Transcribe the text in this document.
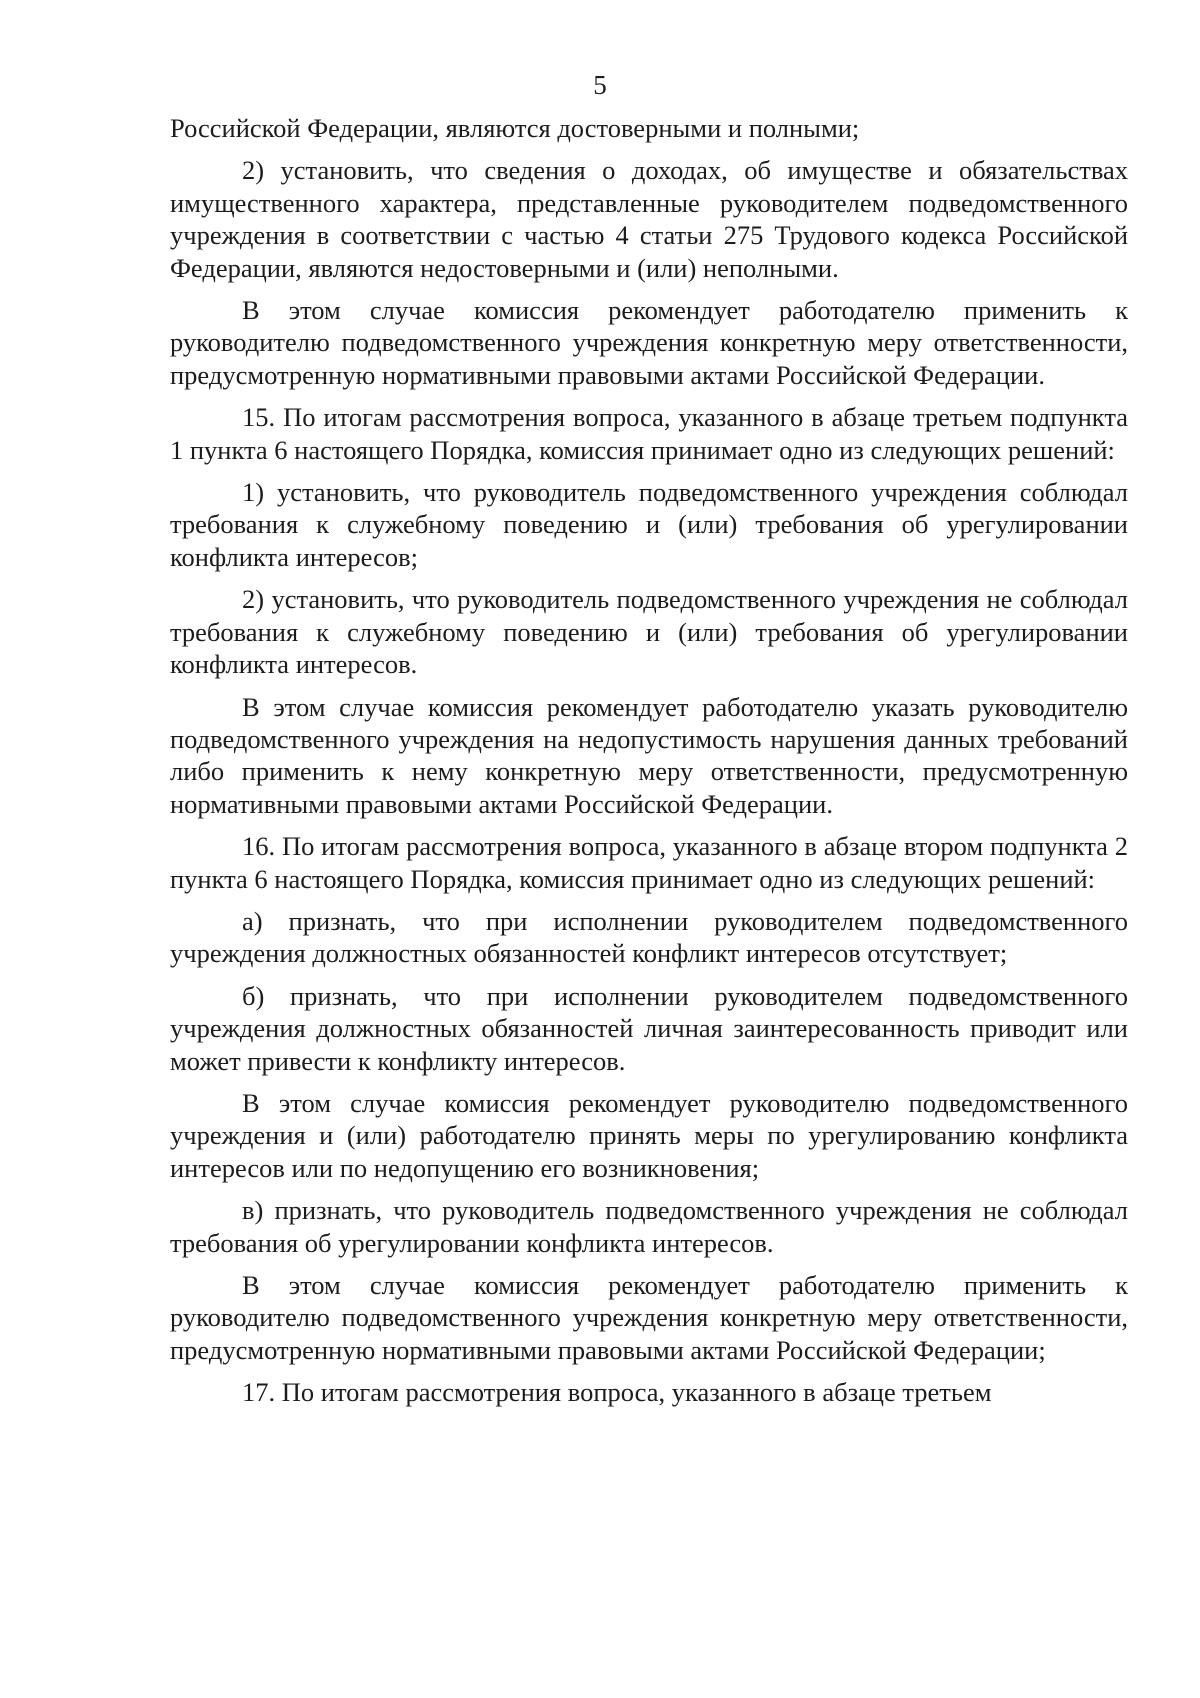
5

Российской Федерации, являются достоверными и полными;

2) установить, что сведения о доходах, об имуществе и обязательствах имущественного характера, представленные руководителем подведомственного учреждения в соответствии с частью 4 статьи 275 Трудового кодекса Российской Федерации, являются недостоверными и (или) неполными.

В этом случае комиссия рекомендует работодателю применить к руководителю подведомственного учреждения конкретную меру ответственности, предусмотренную нормативными правовыми актами Российской Федерации.

15. По итогам рассмотрения вопроса, указанного в абзаце третьем подпункта 1 пункта 6 настоящего Порядка, комиссия принимает одно из следующих решений:

1) установить, что руководитель подведомственного учреждения соблюдал требования к служебному поведению и (или) требования об урегулировании конфликта интересов;

2) установить, что руководитель подведомственного учреждения не соблюдал требования к служебному поведению и (или) требования об урегулировании конфликта интересов.

В этом случае комиссия рекомендует работодателю указать руководителю подведомственного учреждения на недопустимость нарушения данных требований либо применить к нему конкретную меру ответственности, предусмотренную нормативными правовыми актами Российской Федерации.

16. По итогам рассмотрения вопроса, указанного в абзаце втором подпункта 2 пункта 6 настоящего Порядка, комиссия принимает одно из следующих решений:

а) признать, что при исполнении руководителем подведомственного учреждения должностных обязанностей конфликт интересов отсутствует;

б) признать, что при исполнении руководителем подведомственного учреждения должностных обязанностей личная заинтересованность приводит или может привести к конфликту интересов.

В этом случае комиссия рекомендует руководителю подведомственного учреждения и (или) работодателю принять меры по урегулированию конфликта интересов или по недопущению его возникновения;

в) признать, что руководитель подведомственного учреждения не соблюдал требования об урегулировании конфликта интересов.

В этом случае комиссия рекомендует работодателю применить к руководителю подведомственного учреждения конкретную меру ответственности, предусмотренную нормативными правовыми актами Российской Федерации;

17. По итогам рассмотрения вопроса, указанного в абзаце третьем
